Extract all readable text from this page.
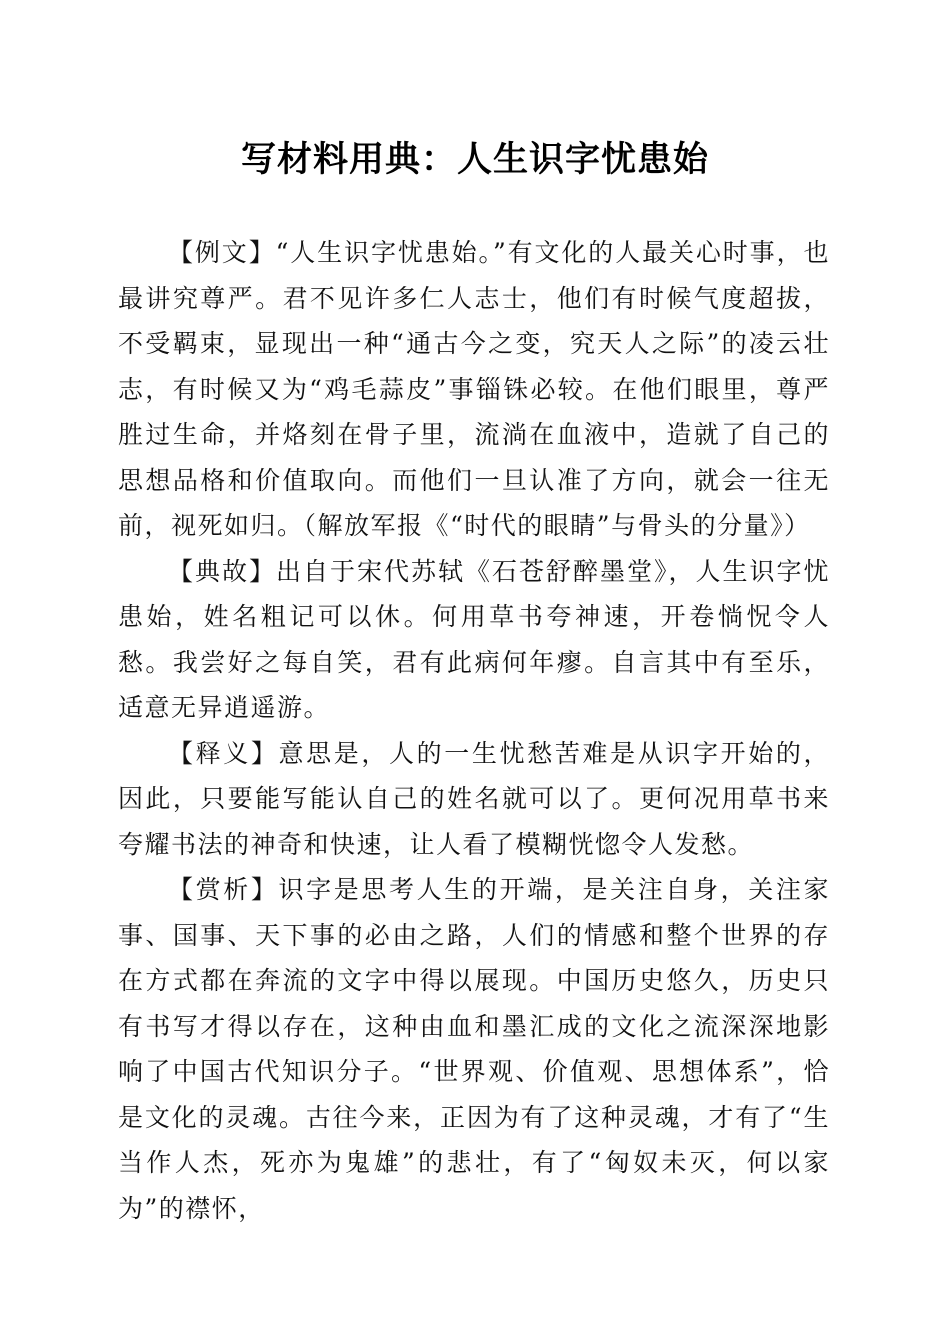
写材料用典：人生识字忧患始

【例文】“人生识字忧患始。”有文化的人最关心时事，也最讲究尊严。君不见许多仁人志士，他们有时候气度超拔，不受羁束，显现出一种“通古今之变，究天人之际”的凌云壮志，有时候又为“鸡毛蒜皮”事锱铢必较。在他们眼里，尊严胜过生命，并烙刻在骨子里，流淌在血液中，造就了自己的思想品格和价值取向。而他们一旦认准了方向，就会一往无前，视死如归。（解放军报《“时代的眼睛”与骨头的分量》）

【典故】出自于宋代苏轼《石苍舒醉墨堂》，人生识字忧患始，姓名粗记可以休。何用草书夸神速，开卷惝怳令人愁。我尝好之每自笑，君有此病何年瘳。自言其中有至乐，适意无异逍遥游。

【释义】意思是，人的一生忧愁苦难是从识字开始的，因此，只要能写能认自己的姓名就可以了。更何况用草书来夸耀书法的神奇和快速，让人看了模糊恍惚令人发愁。

【赏析】识字是思考人生的开端，是关注自身，关注家事、国事、天下事的必由之路，人们的情感和整个世界的存在方式都在奔流的文字中得以展现。中国历史悠久，历史只有书写才得以存在，这种由血和墨汇成的文化之流深深地影响了中国古代知识分子。“世界观、价值观、思想体系”，恰是文化的灵魂。古往今来，正因为有了这种灵魂，才有了“生当作人杰，死亦为鬼雄”的悲壮，有了“匈奴未灭，何以家为”的襟怀，
